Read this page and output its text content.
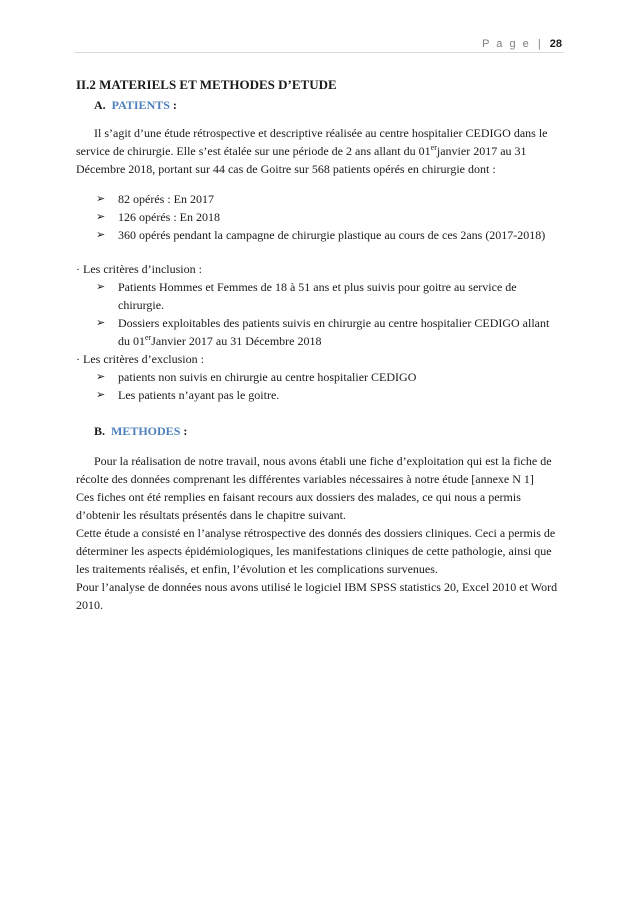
P a g e | 28
II.2 MATERIELS ET METHODES D’ETUDE
A. PATIENTS :

Il s’agit d’une étude rétrospective et descriptive réalisée au centre hospitalier CEDIGO dans le service de chirurgie. Elle s’est étalée sur une période de 2 ans allant du 01erjanvier 2017 au 31 Décembre 2018, portant sur 44 cas de Goitre sur 568 patients opérés en chirurgie dont :

➢ 82 opérés : En 2017
➢ 126 opérés : En 2018
➢ 360 opérés pendant la campagne de chirurgie plastique au cours de ces 2ans (2017-2018)

· Les critères d’inclusion :

➢ Patients Hommes et Femmes de 18 à 51 ans et plus suivis pour goitre au service de chirurgie.
➢ Dossiers exploitables des patients suivis en chirurgie au centre hospitalier CEDIGO allant du 01erJanvier 2017 au 31 Décembre 2018

· Les critères d’exclusion :

➢ patients non suivis en chirurgie au centre hospitalier CEDIGO
➢ Les patients n’ayant pas le goitre.
B. METHODES :

Pour la réalisation de notre travail, nous avons établi une fiche d’exploitation qui est la fiche de récolte des données comprenant les différentes variables nécessaires à notre étude [annexe N 1]

Ces fiches ont été remplies en faisant recours aux dossiers des malades, ce qui nous a permis d’obtenir les résultats présentés dans le chapitre suivant.

Cette étude a consisté en l’analyse rétrospective des donnés des dossiers cliniques. Ceci a permis de déterminer les aspects épidémiologiques, les manifestations cliniques de cette pathologie, ainsi que les traitements réalisés, et enfin, l’évolution et les complications survenues.

Pour l’analyse de données nous avons utilisé le logiciel IBM SPSS statistics 20, Excel 2010 et Word 2010.
